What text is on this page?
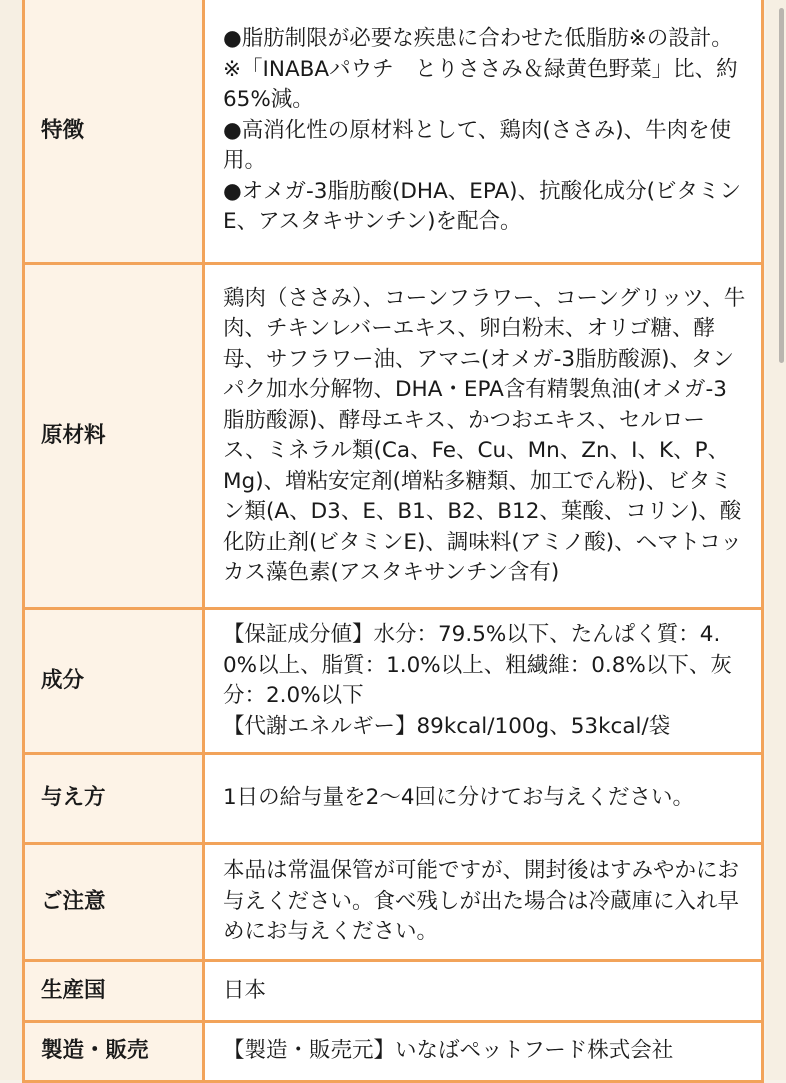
特徴	●脂肪制限が必要な疾患に合わせた低脂肪※の設計。
※「INABAパウチ　とりささみ＆緑黄色野菜」比、約65%減。
●高消化性の原材料として、鶏肉(ささみ)、牛肉を使用。
●オメガ-3脂肪酸(DHA、EPA)、抗酸化成分(ビタミンE、アスタキサンチン)を配合。

原材料	鶏肉（ささみ）、コーンフラワー、コーングリッツ、牛肉、チキンレバーエキス、卵白粉末、オリゴ糖、酵母、サフラワー油、アマニ(オメガ-3脂肪酸源)、タンパク加水分解物、DHA・EPA含有精製魚油(オメガ-3脂肪酸源)、酵母エキス、かつおエキス、セルロース、ミネラル類(Ca、Fe、Cu、Mn、Zn、I、K、P、Mg)、増粘安定剤(増粘多糖類、加工でん粉)、ビタミン類(A、D3、E、B1、B2、B12、葉酸、コリン)、酸化防止剤(ビタミンE)、調味料(アミノ酸)、ヘマトコッカス藻色素(アスタキサンチン含有)

成分	【保証成分値】水分：79.5%以下、たんぱく質：4.0%以上、脂質：1.0%以上、粗繊維：0.8%以下、灰分：2.0%以下
【代謝エネルギー】89kcal/100g、53kcal/袋

与え方	1日の給与量を2〜4回に分けてお与えください。

ご注意	本品は常温保管が可能ですが、開封後はすみやかにお与えください。食べ残しが出た場合は冷蔵庫に入れ早めにお与えください。

生産国	日本

製造・販売	【製造・販売元】いなばペットフード株式会社
